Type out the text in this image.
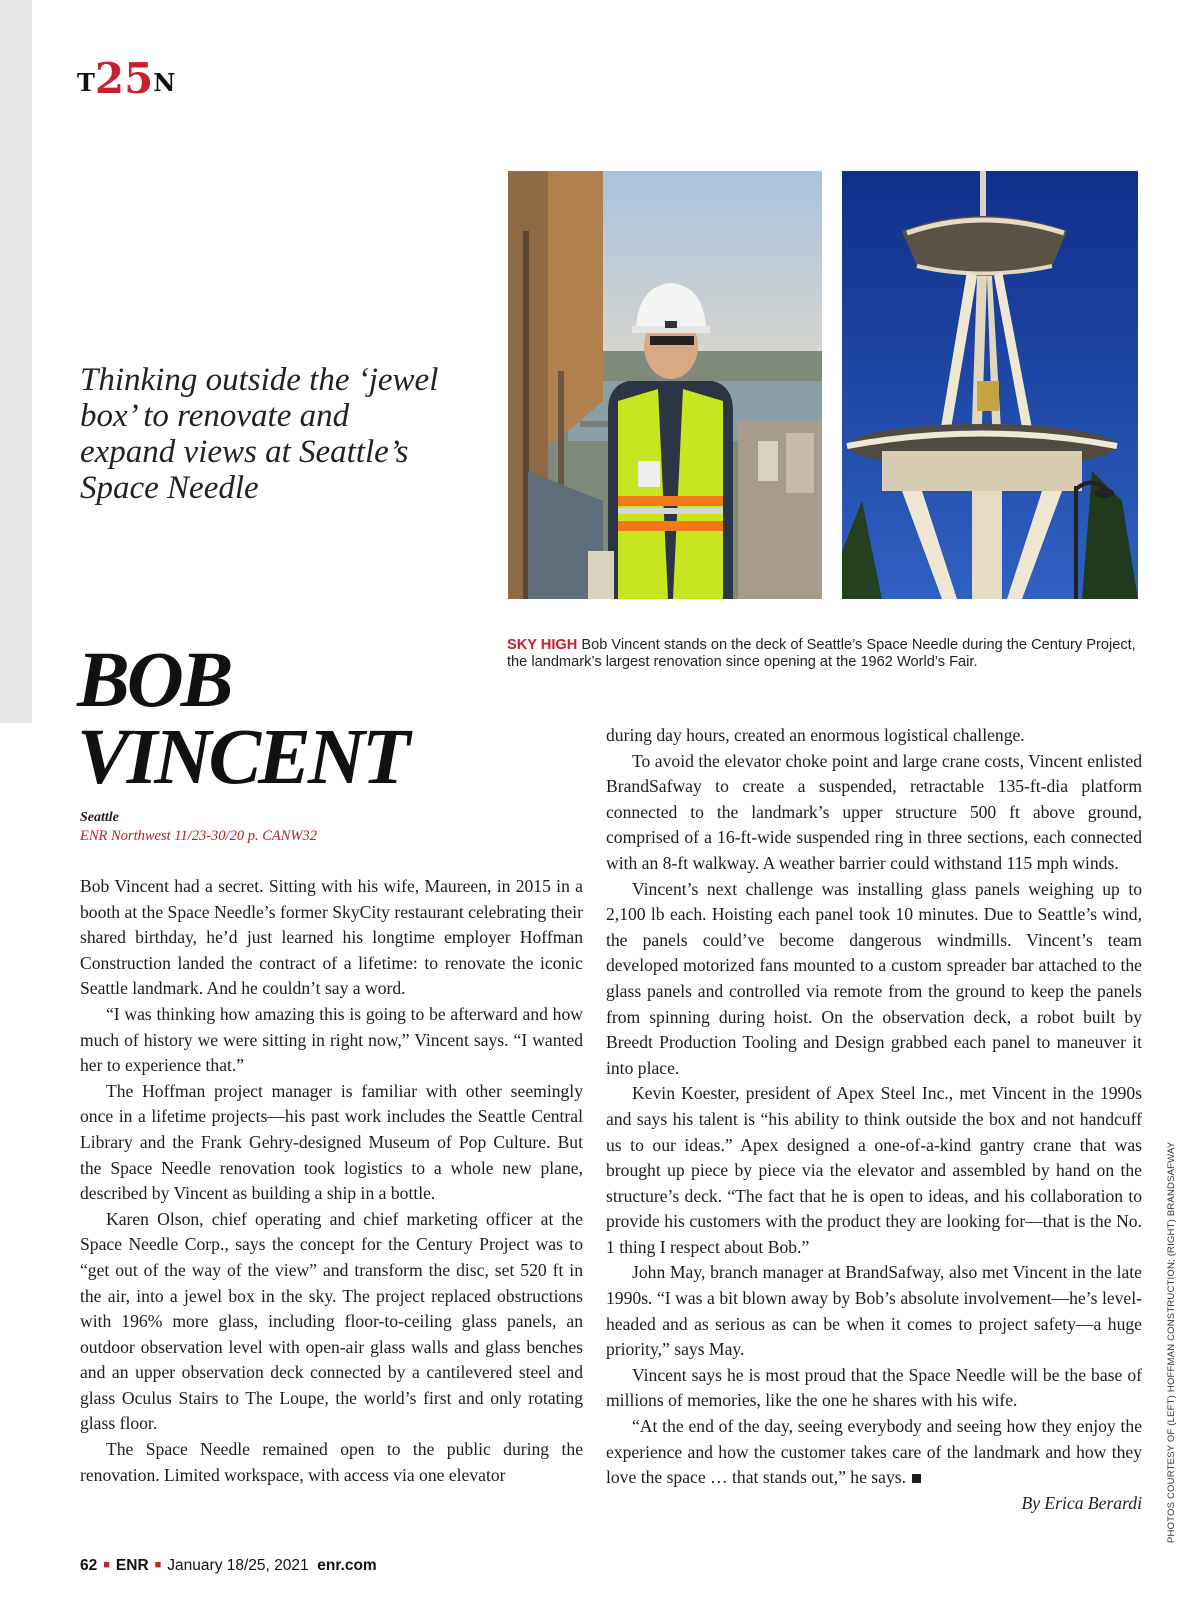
T25N
Thinking outside the ‘jewel box’ to renovate and expand views at Seattle’s Space Needle
SKY HIGH Bob Vincent stands on the deck of Seattle’s Space Needle during the Century Project, the landmark’s largest renovation since opening at the 1962 World’s Fair.
BOB
VINCENT
Seattle
ENR Northwest 11/23-30/20 p. CANW32

Bob Vincent had a secret. Sitting with his wife, Maureen, in 2015 in a booth at the Space Needle’s former SkyCity restaurant celebrating their shared birthday, he’d just learned his longtime employer Hoffman Construction landed the contract of a lifetime: to renovate the iconic Seattle landmark. And he couldn’t say a word.

“I was thinking how amazing this is going to be afterward and how much of history we were sitting in right now,” Vincent says. “I wanted her to experience that.”

The Hoffman project manager is familiar with other seemingly once in a lifetime projects—his past work includes the Seattle Central Library and the Frank Gehry-designed Museum of Pop Culture. But the Space Needle renovation took logistics to a whole new plane, described by Vincent as building a ship in a bottle.

Karen Olson, chief operating and chief marketing officer at the Space Needle Corp., says the concept for the Century Project was to “get out of the way of the view” and transform the disc, set 520 ft in the air, into a jewel box in the sky. The project replaced obstructions with 196% more glass, including floor-to-ceiling glass panels, an outdoor observation level with open-air glass walls and glass benches and an upper observation deck connected by a cantilevered steel and glass Oculus Stairs to The Loupe, the world’s first and only rotating glass floor.

The Space Needle remained open to the public during the renovation. Limited workspace, with access via one elevator

during day hours, created an enormous logistical challenge.

To avoid the elevator choke point and large crane costs, Vincent enlisted BrandSafway to create a suspended, retractable 135-ft-dia platform connected to the landmark’s upper structure 500 ft above ground, comprised of a 16-ft-wide suspended ring in three sections, each connected with an 8-ft walkway. A weather barrier could withstand 115 mph winds.

Vincent’s next challenge was installing glass panels weighing up to 2,100 lb each. Hoisting each panel took 10 minutes. Due to Seattle’s wind, the panels could’ve become dangerous windmills. Vincent’s team developed motorized fans mounted to a custom spreader bar attached to the glass panels and controlled via remote from the ground to keep the panels from spinning during hoist. On the observation deck, a robot built by Breedt Production Tooling and Design grabbed each panel to maneuver it into place.

Kevin Koester, president of Apex Steel Inc., met Vincent in the 1990s and says his talent is “his ability to think outside the box and not handcuff us to our ideas.” Apex designed a one-of-a-kind gantry crane that was brought up piece by piece via the elevator and assembled by hand on the structure’s deck. “The fact that he is open to ideas, and his collaboration to provide his customers with the product they are looking for—that is the No. 1 thing I respect about Bob.”

John May, branch manager at BrandSafway, also met Vincent in the late 1990s. “I was a bit blown away by Bob’s absolute involvement—he’s level-headed and as serious as can be when it comes to project safety—a huge priority,” says May.

Vincent says he is most proud that the Space Needle will be the base of millions of memories, like the one he shares with his wife.

“At the end of the day, seeing everybody and seeing how they enjoy the experience and how the customer takes care of the landmark and how they love the space … that stands out,” he says.

By Erica Berardi	PHOTOS COURTESY OF (LEFT) HOFFMAN CONSTRUCTION; (RIGHT) BRANDSAFWAY
62 ■ ENR ■ January 18/25, 2021 enr.com
